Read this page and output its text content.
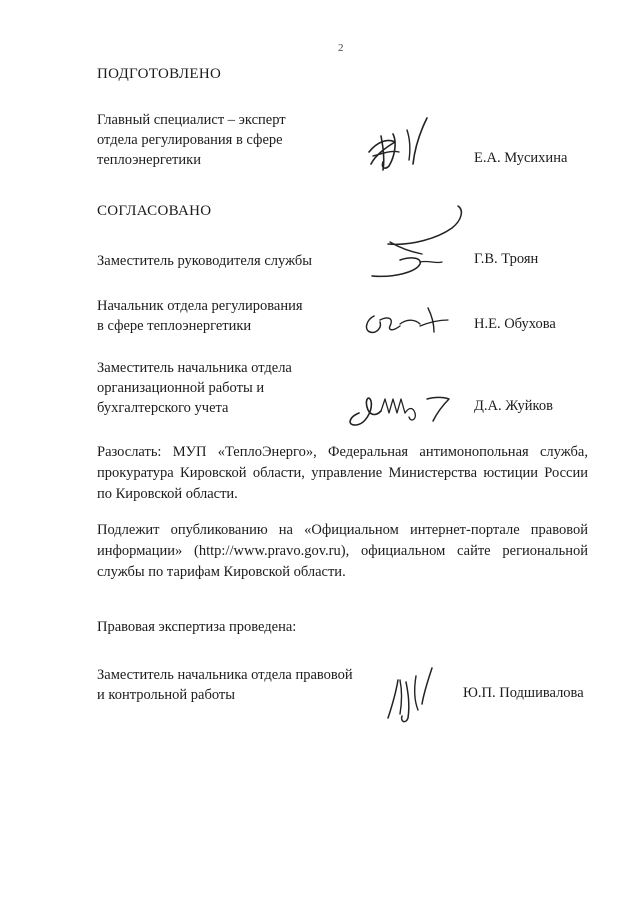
2
ПОДГОТОВЛЕНО
Главный специалист – эксперт
отдела регулирования в сфере
теплоэнергетики	Е.А. Мусихина
СОГЛАСОВАНО
Заместитель руководителя службы	Г.В. Троян
Начальник отдела регулирования
в сфере теплоэнергетики	Н.Е. Обухова
Заместитель начальника отдела
организационной работы и
бухгалтерского учета	Д.А. Жуйков
Разослать: МУП «ТеплоЭнерго», Федеральная антимонопольная служба, прокуратура Кировской области, управление Министерства юстиции России по Кировской области.
Подлежит опубликованию на «Официальном интернет-портале правовой информации» (http://www.pravo.gov.ru), официальном сайте региональной службы по тарифам Кировской области.
Правовая экспертиза проведена:
Заместитель начальника отдела правовой
и контрольной работы	Ю.П. Подшивалова
